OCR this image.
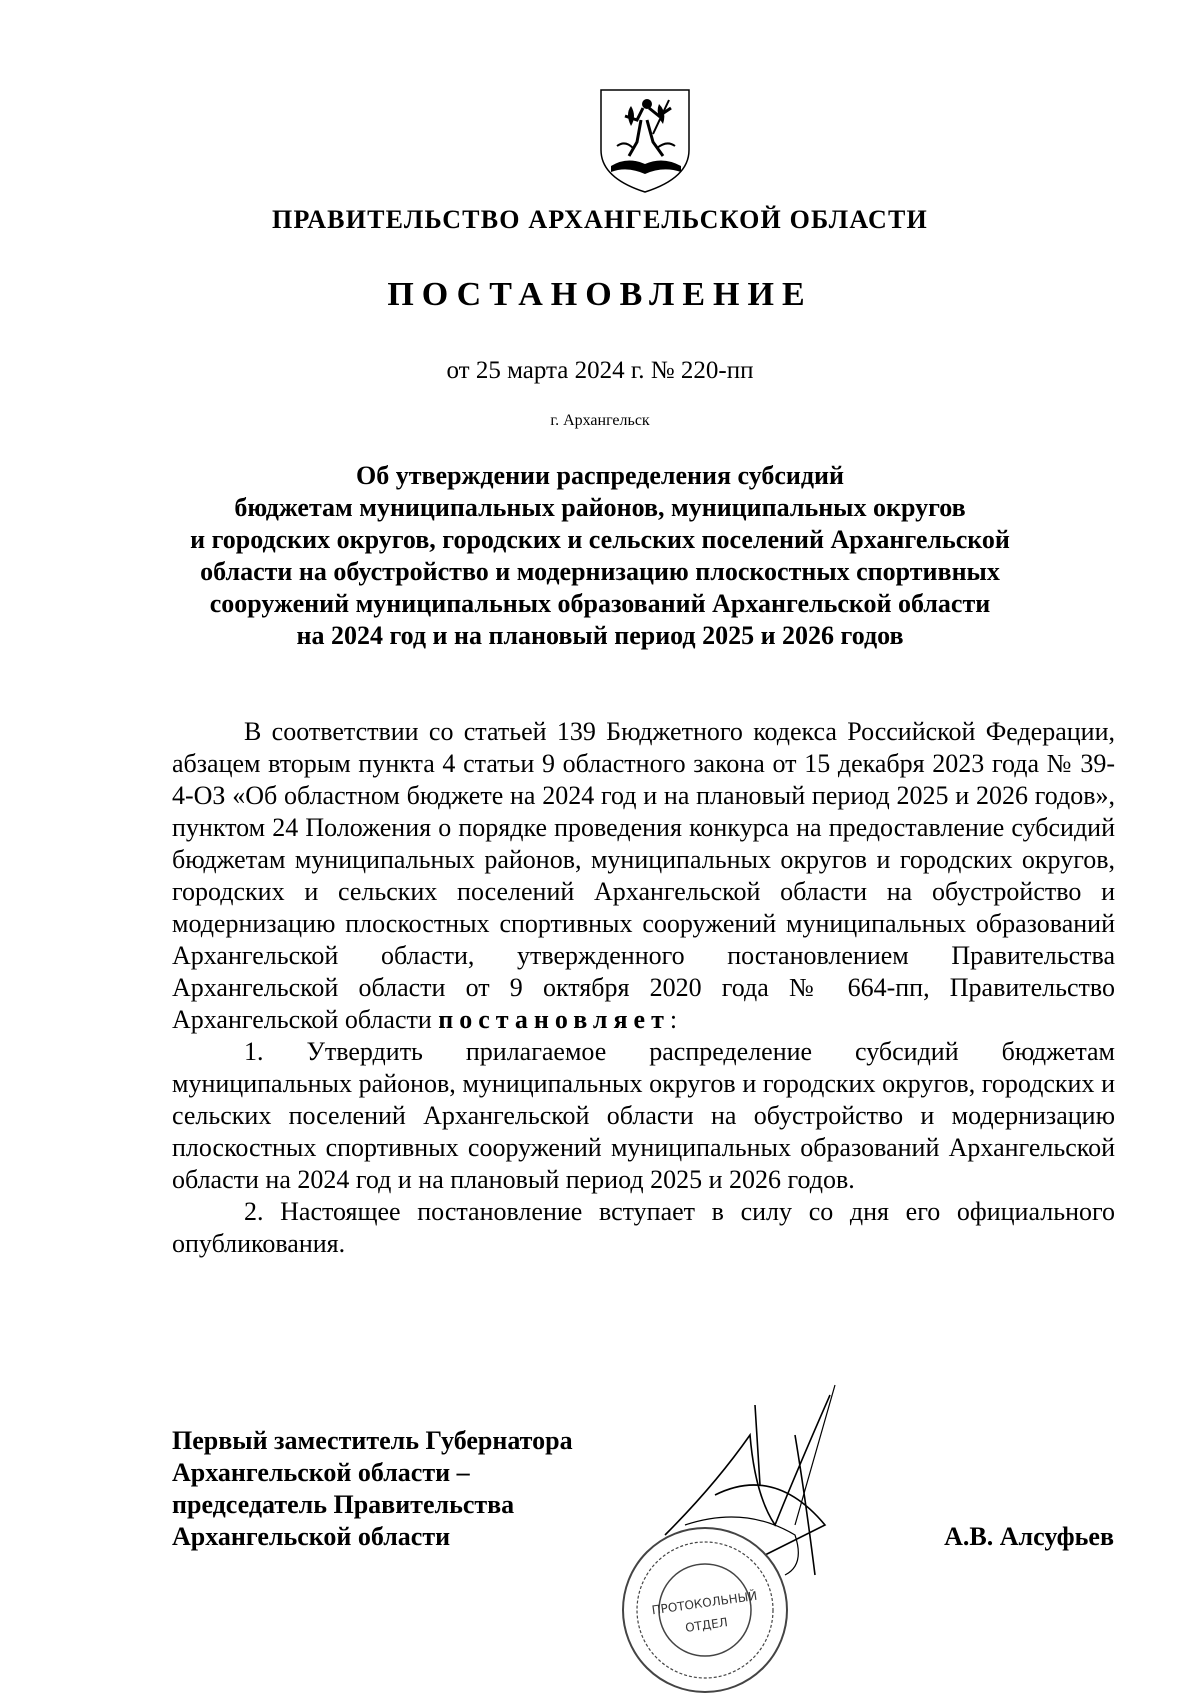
ПРАВИТЕЛЬСТВО АРХАНГЕЛЬСКОЙ ОБЛАСТИ
ПОСТАНОВЛЕНИЕ
от 25 марта 2024 г. № 220-пп
г. Архангельск
Об утверждении распределения субсидий
бюджетам муниципальных районов, муниципальных округов
и городских округов, городских и сельских поселений Архангельской
области на обустройство и модернизацию плоскостных спортивных
сооружений муниципальных образований Архангельской области
на 2024 год и на плановый период 2025 и 2026 годов

В соответствии со статьей 139 Бюджетного кодекса Российской Федерации, абзацем вторым пункта 4 статьи 9 областного закона от 15 декабря 2023 года № 39-4-ОЗ «Об областном бюджете на 2024 год и на плановый период 2025 и 2026 годов», пунктом 24 Положения о порядке проведения конкурса на предоставление субсидий бюджетам муниципальных районов, муниципальных округов и городских округов, городских и сельских поселений Архангельской области на обустройство и модернизацию плоскостных спортивных сооружений муниципальных образований Архангельской области, утвержденного постановлением Правительства Архангельской области от 9 октября 2020 года № 664-пп, Правительство Архангельской области постановляет:

1. Утвердить прилагаемое распределение субсидий бюджетам муниципальных районов, муниципальных округов и городских округов, городских и сельских поселений Архангельской области на обустройство и модернизацию плоскостных спортивных сооружений муниципальных образований Архангельской области на 2024 год и на плановый период 2025 и 2026 годов.

2. Настоящее постановление вступает в силу со дня его официального опубликования.

Первый заместитель Губернатора
Архангельской области –
председатель Правительства
Архангельской области	А.В. Алсуфьев
ПРОТОКОЛЬНЫЙ
ОТДЕЛ
